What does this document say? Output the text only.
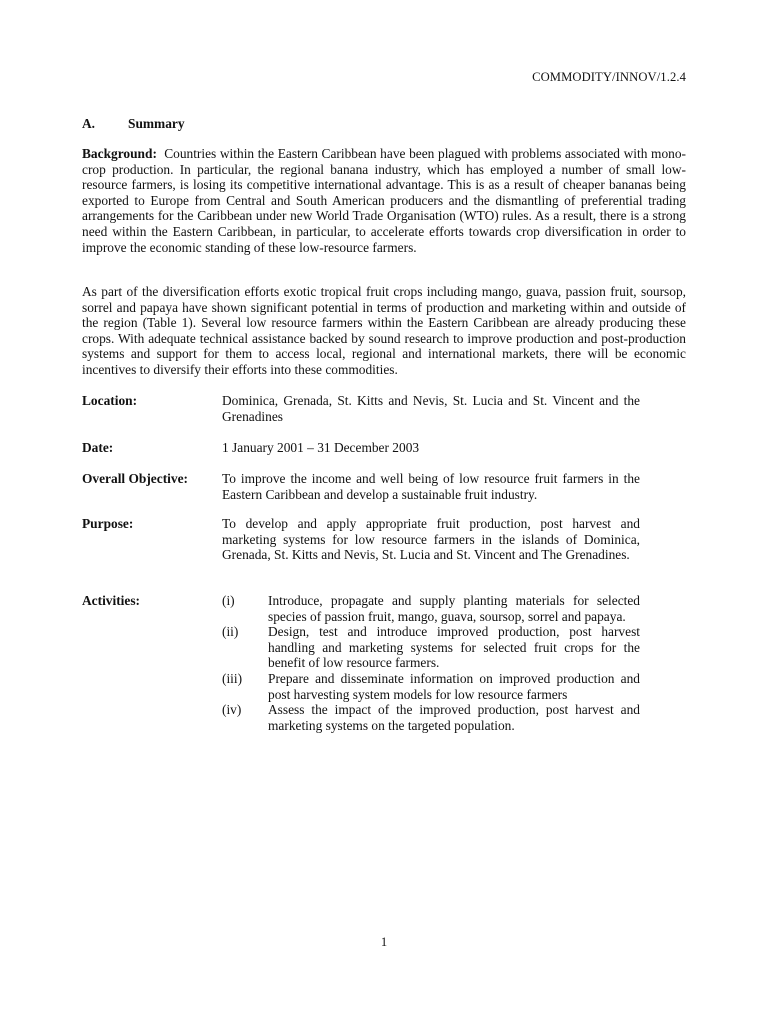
COMMODITY/INNOV/1.2.4
A. Summary
Background: Countries within the Eastern Caribbean have been plagued with problems associated with mono-crop production. In particular, the regional banana industry, which has employed a number of small low-resource farmers, is losing its competitive international advantage. This is as a result of cheaper bananas being exported to Europe from Central and South American producers and the dismantling of preferential trading arrangements for the Caribbean under new World Trade Organisation (WTO) rules. As a result, there is a strong need within the Eastern Caribbean, in particular, to accelerate efforts towards crop diversification in order to improve the economic standing of these low-resource farmers.
As part of the diversification efforts exotic tropical fruit crops including mango, guava, passion fruit, soursop, sorrel and papaya have shown significant potential in terms of production and marketing within and outside of the region (Table 1). Several low resource farmers within the Eastern Caribbean are already producing these crops. With adequate technical assistance backed by sound research to improve production and post-production systems and support for them to access local, regional and international markets, there will be economic incentives to diversify their efforts into these commodities.
Location:	Dominica, Grenada, St. Kitts and Nevis, St. Lucia and St. Vincent and the Grenadines
Date:	1 January 2001 – 31 December 2003
Overall Objective:	To improve the income and well being of low resource fruit farmers in the Eastern Caribbean and develop a sustainable fruit industry.
Purpose:	To develop and apply appropriate fruit production, post harvest and marketing systems for low resource farmers in the islands of Dominica, Grenada, St. Kitts and Nevis, St. Lucia and St. Vincent and The Grenadines.
Activities:	(i)	Introduce, propagate and supply planting materials for selected species of passion fruit, mango, guava, soursop, sorrel and papaya.
(ii)	Design, test and introduce improved production, post harvest handling and marketing systems for selected fruit crops for the benefit of low resource farmers.
(iii)	Prepare and disseminate information on improved production and post harvesting system models for low resource farmers
(iv)	Assess the impact of the improved production, post harvest and marketing systems on the targeted population.
1
